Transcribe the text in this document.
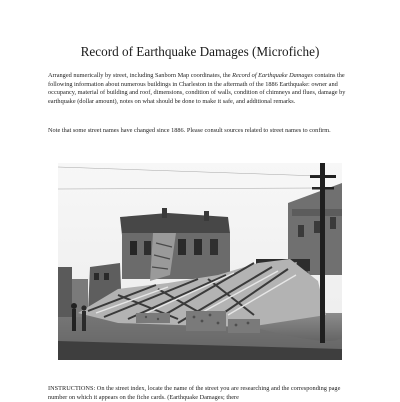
Record of Earthquake Damages (Microfiche)

Arranged numerically by street, including Sanborn Map coordinates, the Record of Earthquake Damages contains the following information about numerous buildings in Charleston in the aftermath of the 1886 Earthquake: owner and occupancy, material of building and roof, dimensions, condition of walls, condition of chimneys and flues, damage by earthquake (dollar amount), notes on what should be done to make it safe, and additional remarks.

Note that some street names have changed since 1886. Please consult sources related to street names to confirm.

INSTRUCTIONS: On the street index, locate the name of the street you are researching and the corresponding page number on which it appears on the fiche cards. (Earthquake Damages; there
